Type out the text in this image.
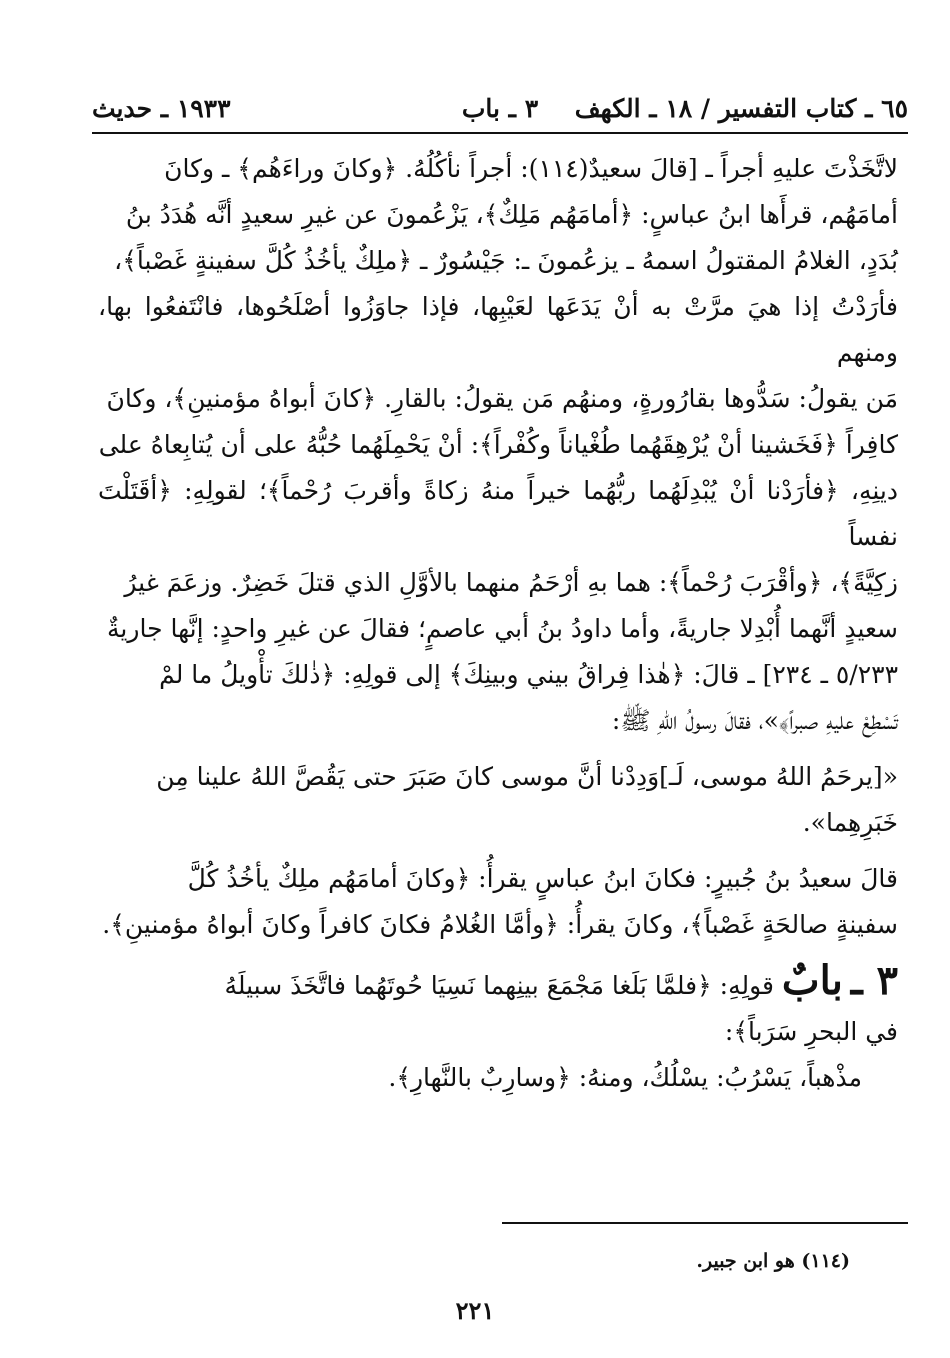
٦٥ ـ كتاب التفسير / ١٨ ـ الكهف
٣ ـ باب
١٩٣٣ ـ حديث
لاتَّخَذْتَ عليهِ أجراً ـ [قالَ سعيدٌ(١١٤): أجراً نأكُلُهُ. ﴿وكانَ وراءَهُم﴾ ـ وكانَ
أمامَهُم، قرأَها ابنُ عباسٍ: ﴿أمامَهُم مَلِكٌ﴾، يَزْعُمونَ عن غيرِ سعيدٍ أنَّه هُدَدُ بنُ
بُدَدٍ، الغلامُ المقتولُ اسمهُ ـ يزعُمونَ ـ: جَيْسُورٌ ـ ﴿ملِكٌ يأخُذُ كُلَّ سفينةٍ غَصْباً﴾،
فأرَدْتُ إذا هيَ مرَّتْ به أنْ يَدَعَها لعَيْبِها، فإذا جاوَزُوا أصْلَحُوها، فانْتَفعُوا بها، ومنهم
مَن يقولُ: سَدُّوها بقارُورةٍ، ومنهُم مَن يقولُ: بالقارِ. ﴿كانَ أبواهُ مؤمنينِ﴾، وكانَ
كافِراً ﴿فَخَشينا أنْ يُرْهِقَهُما طُغْياناً وكُفْراً﴾: أنْ يَحْمِلَهُما حُبُّهُ على أن يُتابِعاهُ على
دينِهِ، ﴿فأرَدْنا أنْ يُبْدِلَهُما ربُّهُما خيراً منهُ زكاةً وأقربَ رُحْماً﴾؛ لقولِهِ: ﴿أقَتَلْتَ نفساً
زكِيَّةً﴾، ﴿وأقْرَبَ رُحْماً﴾: هما بهِ أرْحَمُ منهما بالأوَّلِ الذي قتلَ خَضِرٌ. وزعَمَ غيرُ
سعيدٍ أنَّهما أُبْدِلا جاريةً، وأما داودُ بنُ أبي عاصمٍ؛ فقالَ عن غيرِ واحدٍ: إنَّها جاريةٌ
٥/٢٣٣ ـ ٢٣٤] ـ قالَ: ﴿هٰذا فِراقُ بيني وبينِكَ﴾ إلى قولِهِ: ﴿ذٰلكَ تأْويلُ ما لمْ
تَسْطِعْ عليهِ صبراً﴾»، فقالَ رسولُ اللهِ ﷺ:
«[يرحَمُ اللهُ موسى، لَـ]وَدِدْنا أنَّ موسى كانَ صَبَرَ حتى يَقُصَّ اللهُ علينا مِن
خَبَرِهِما».
قالَ سعيدُ بنُ جُبيرٍ: فكانَ ابنُ عباسٍ يقرأُ: ﴿وكانَ أمامَهُم ملِكٌ يأخُذُ كُلَّ
سفينةٍ صالحَةٍ غَصْباً﴾، وكانَ يقرأُ: ﴿وأمَّا الغُلامُ فكانَ كافراً وكانَ أبواهُ مؤمنينِ﴾.
٣ ـ بابٌ قولِهِ: ﴿فلمَّا بَلَغا مَجْمَعَ بينِهما نَسِيَا حُوتَهُما فاتَّخَذَ سبيلَهُ
في البحرِ سَرَباً﴾:
مذْهباً، يَسْرُبُ: يسْلُكُ، ومنهُ: ﴿وسارِبٌ بالنَّهارِ﴾.
(١١٤) هو ابن جبير.
٢٢١
